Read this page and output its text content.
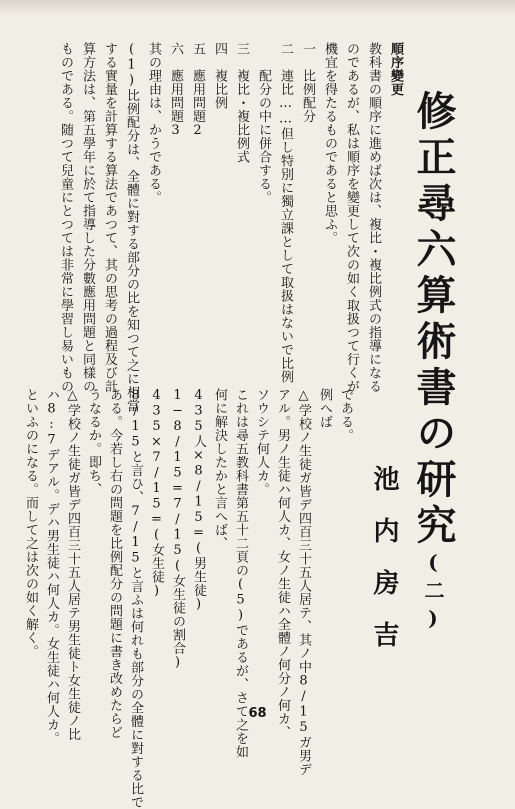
順序變更
教科書の順序に進めば次は、複比・複比例式の指導になる
のであるが、私は順序を變更して次の如く取扱つて行くが
機宜を得たるものであると思ふ。
一　比例配分
二　連比……但し特別に獨立課として取扱はないで比例
　　配分の中に併合する。
三　複比・複比例式
四　複比例
五　應用問題2
六　應用問題3
其の理由は、かうである。
(1)比例配分は、全體に對する部分の比を知つて之に相當
する實量を計算する算法であつて、其の思考の過程及び計
算方法は、第五學年に於て指導した分數應用問題と同樣の
ものである。随つて兒童にとつては非常に學習し易いもの	修正尋六算術書の研究(二)
池内房吉
である。
例へば
△学校ノ生徒ガ皆デ四百三十五人居テ、其ノ中8/15ガ男デ
アル。男ノ生徒ハ何人カ、女ノ生徒ハ全體ノ何分ノ何カ、
ソウシテ何人カ。
これは尋五教科書第五十二頁の(5)であるが、さて之を如
何に解決したかと言へば、
435人×8/15=(男生徒)
1−8/15=7/15(女生徒の割合)
435×7/15=(女生徒)
8/15と言ひ、7/15と言ふは何れも部分の全體に對する比で
ある。今若し右の問題を比例配分の問題に書き改めたらど
うなるか。即ち、
△学校ノ生徒ガ皆デ四百三十五人居テ男生徒ト女生徒ノ比
ハ8:7デアル。デハ男生徒ハ何人カ。女生徒ハ何人カ。
といふのになる。而して之は次の如く解く。
68
